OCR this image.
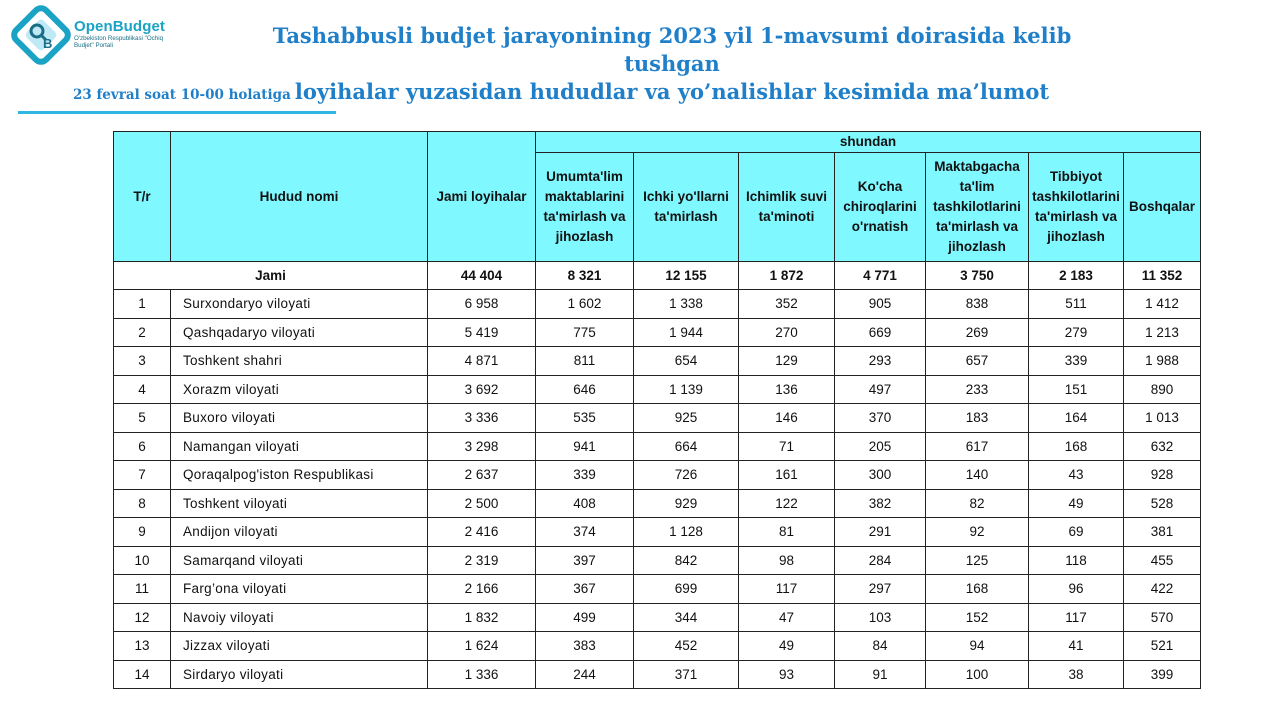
B
OpenBudget
O'zbekiston Respublikasi "Ochiq Budjet" Portali	Tashabbusli budjet jarayonining 2023 yil 1-mavsumi doirasida kelib tushgan
loyihalar yuzasidan hududlar va yo’nalishlar kesimida ma’lumot
23 fevral soat 10-00 holatiga
T/r	Hudud nomi	Jami loyihalar	shundan						
			Umumta'lim maktablarini ta'mirlash va jihozlash	Ichki yo'llarni ta'mirlash	Ichimlik suvi ta'minoti	Ko'cha chiroqlarini o'rnatish	Maktabgacha ta'lim tashkilotlarini ta'mirlash va jihozlash	Tibbiyot tashkilotlarini ta'mirlash va jihozlash	Boshqalar
Jami		44 404	8 321	12 155	1 872	4 771	3 750	2 183	11 352
1	Surxondaryo viloyati	6 958	1 602	1 338	352	905	838	511	1 412
2	Qashqadaryo viloyati	5 419	775	1 944	270	669	269	279	1 213
3	Toshkent shahri	4 871	811	654	129	293	657	339	1 988
4	Xorazm viloyati	3 692	646	1 139	136	497	233	151	890
5	Buxoro viloyati	3 336	535	925	146	370	183	164	1 013
6	Namangan viloyati	3 298	941	664	71	205	617	168	632
7	Qoraqalpog'iston Respublikasi	2 637	339	726	161	300	140	43	928
8	Toshkent viloyati	2 500	408	929	122	382	82	49	528
9	Andijon viloyati	2 416	374	1 128	81	291	92	69	381
10	Samarqand viloyati	2 319	397	842	98	284	125	118	455
11	Farg’ona viloyati	2 166	367	699	117	297	168	96	422
12	Navoiy viloyati	1 832	499	344	47	103	152	117	570
13	Jizzax viloyati	1 624	383	452	49	84	94	41	521
14	Sirdaryo viloyati	1 336	244	371	93	91	100	38	399
